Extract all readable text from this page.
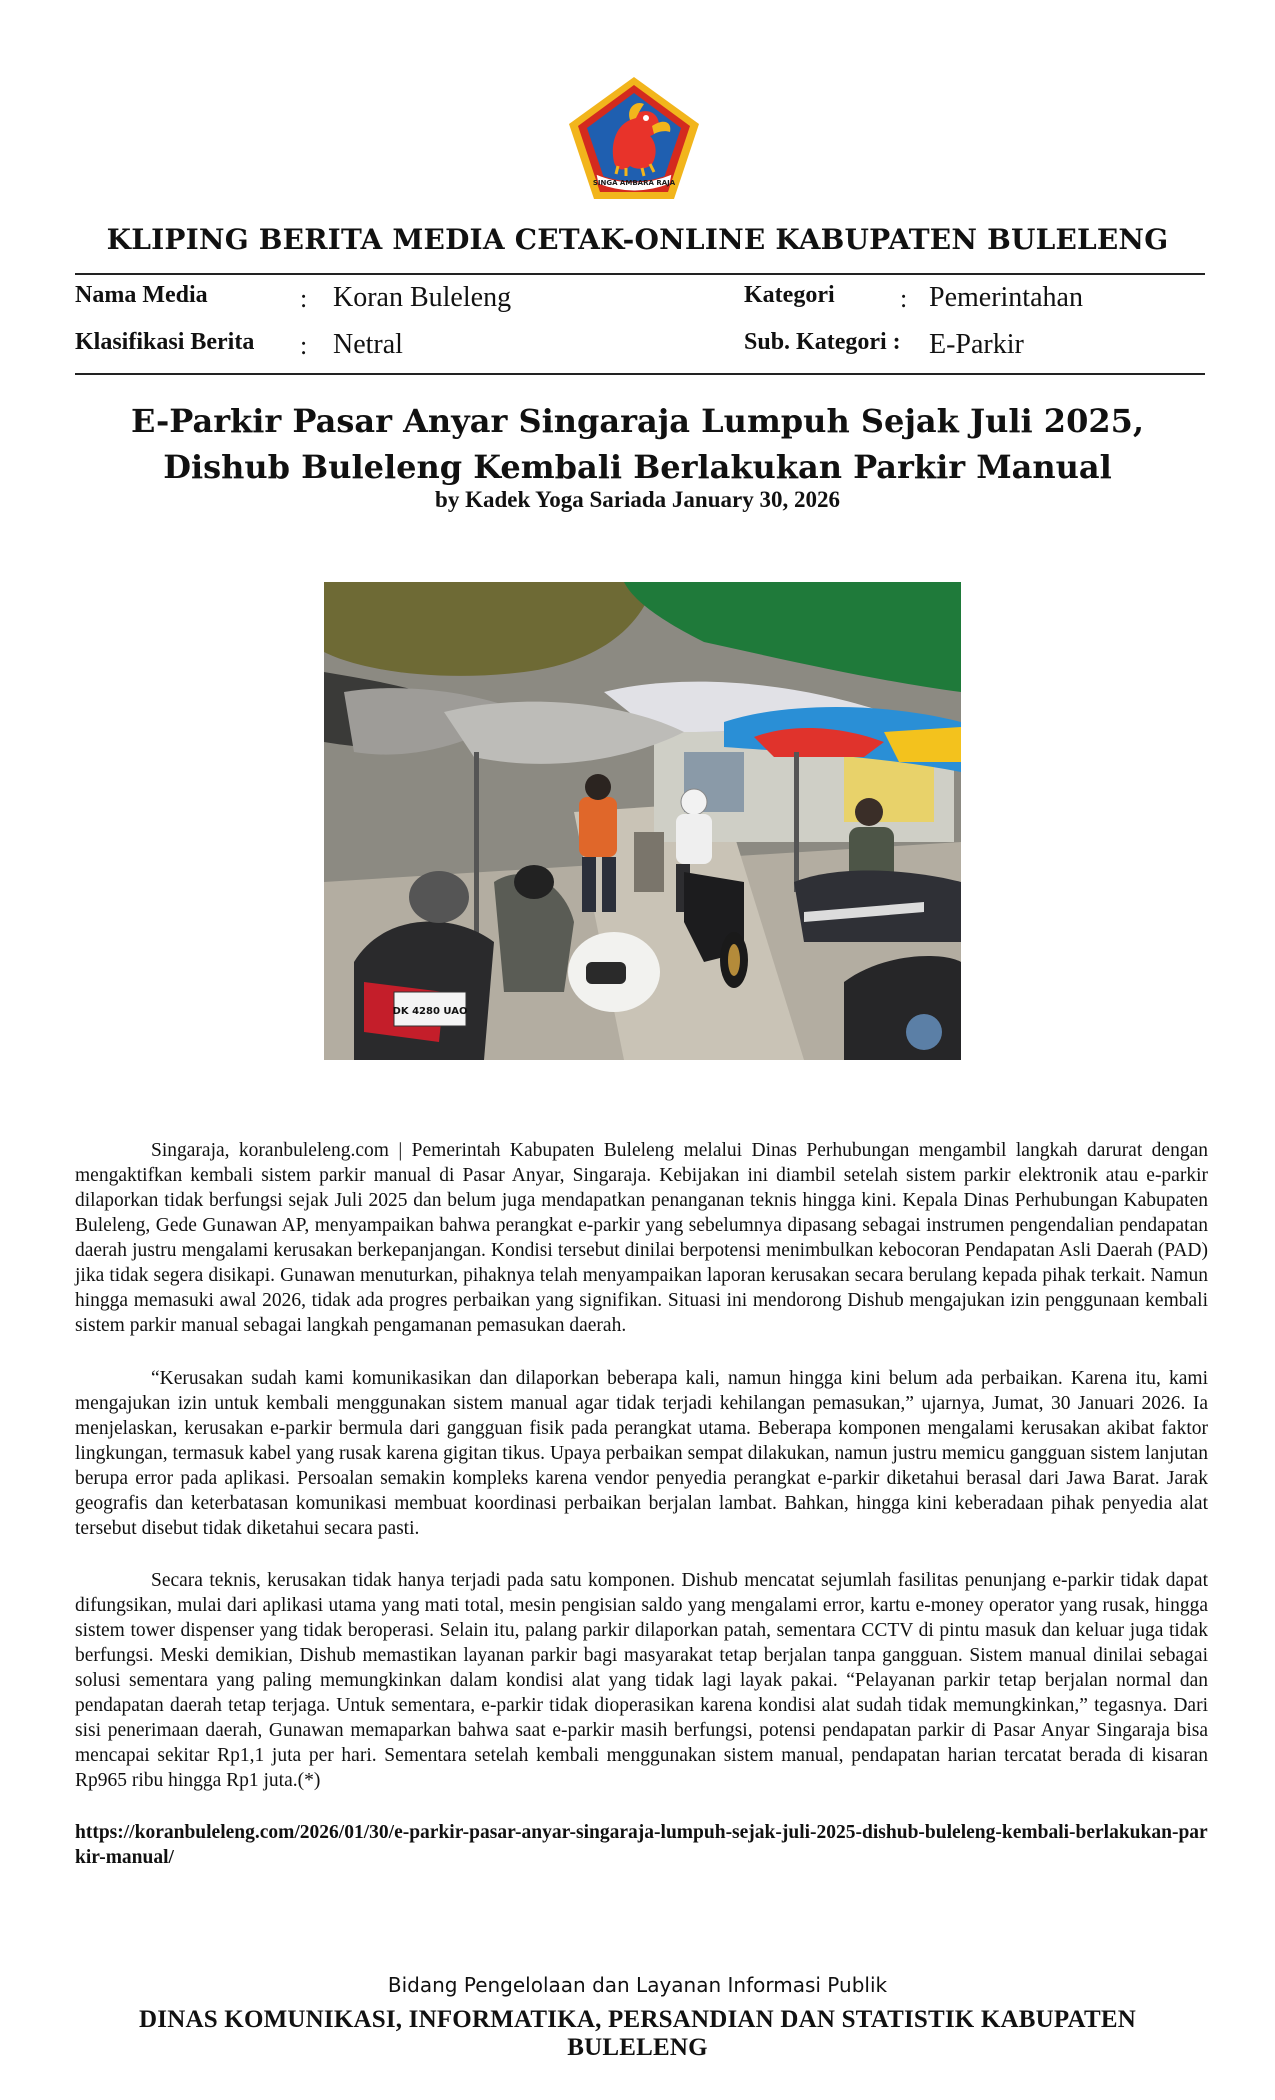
SINGA AMBARA RAJA
KLIPING BERITA MEDIA CETAK-ONLINE KABUPATEN BULELENG
Nama Media	: Koran Buleleng	Kategori	: Pemerintahan
Klasifikasi Berita : Netral	Sub. Kategori : E-Parkir
E-Parkir Pasar Anyar Singaraja Lumpuh Sejak Juli 2025,
Dishub Buleleng Kembali Berlakukan Parkir Manual

by Kadek Yoga Sariada January 30, 2026

DK 4280 UAO

Singaraja, koranbuleleng.com | Pemerintah Kabupaten Buleleng melalui Dinas Perhubungan mengambil langkah darurat dengan mengaktifkan kembali sistem parkir manual di Pasar Anyar, Singaraja. Kebijakan ini diambil setelah sistem parkir elektronik atau e-parkir dilaporkan tidak berfungsi sejak Juli 2025 dan belum juga mendapatkan penanganan teknis hingga kini. Kepala Dinas Perhubungan Kabupaten Buleleng, Gede Gunawan AP, menyampaikan bahwa perangkat e-parkir yang sebelumnya dipasang sebagai instrumen pengendalian pendapatan daerah justru mengalami kerusakan berkepanjangan. Kondisi tersebut dinilai berpotensi menimbulkan kebocoran Pendapatan Asli Daerah (PAD) jika tidak segera disikapi. Gunawan menuturkan, pihaknya telah menyampaikan laporan kerusakan secara berulang kepada pihak terkait. Namun hingga memasuki awal 2026, tidak ada progres perbaikan yang signifikan. Situasi ini mendorong Dishub mengajukan izin penggunaan kembali sistem parkir manual sebagai langkah pengamanan pemasukan daerah.

“Kerusakan sudah kami komunikasikan dan dilaporkan beberapa kali, namun hingga kini belum ada perbaikan. Karena itu, kami mengajukan izin untuk kembali menggunakan sistem manual agar tidak terjadi kehilangan pemasukan,” ujarnya, Jumat, 30 Januari 2026. Ia menjelaskan, kerusakan e-parkir bermula dari gangguan fisik pada perangkat utama. Beberapa komponen mengalami kerusakan akibat faktor lingkungan, termasuk kabel yang rusak karena gigitan tikus. Upaya perbaikan sempat dilakukan, namun justru memicu gangguan sistem lanjutan berupa error pada aplikasi. Persoalan semakin kompleks karena vendor penyedia perangkat e-parkir diketahui berasal dari Jawa Barat. Jarak geografis dan keterbatasan komunikasi membuat koordinasi perbaikan berjalan lambat. Bahkan, hingga kini keberadaan pihak penyedia alat tersebut disebut tidak diketahui secara pasti.

Secara teknis, kerusakan tidak hanya terjadi pada satu komponen. Dishub mencatat sejumlah fasilitas penunjang e-parkir tidak dapat difungsikan, mulai dari aplikasi utama yang mati total, mesin pengisian saldo yang mengalami error, kartu e-money operator yang rusak, hingga sistem tower dispenser yang tidak beroperasi. Selain itu, palang parkir dilaporkan patah, sementara CCTV di pintu masuk dan keluar juga tidak berfungsi. Meski demikian, Dishub memastikan layanan parkir bagi masyarakat tetap berjalan tanpa gangguan. Sistem manual dinilai sebagai solusi sementara yang paling memungkinkan dalam kondisi alat yang tidak lagi layak pakai. “Pelayanan parkir tetap berjalan normal dan pendapatan daerah tetap terjaga. Untuk sementara, e-parkir tidak dioperasikan karena kondisi alat sudah tidak memungkinkan,” tegasnya. Dari sisi penerimaan daerah, Gunawan memaparkan bahwa saat e-parkir masih berfungsi, potensi pendapatan parkir di Pasar Anyar Singaraja bisa mencapai sekitar Rp1,1 juta per hari. Sementara setelah kembali menggunakan sistem manual, pendapatan harian tercatat berada di kisaran Rp965 ribu hingga Rp1 juta.(*)

https://koranbuleleng.com/2026/01/30/e-parkir-pasar-anyar-singaraja-lumpuh-sejak-juli-2025-dishub-buleleng-kembali-berlakukan-parkir-manual/

Bidang Pengelolaan dan Layanan Informasi Publik

DINAS KOMUNIKASI, INFORMATIKA, PERSANDIAN DAN STATISTIK KABUPATEN BULELENG
